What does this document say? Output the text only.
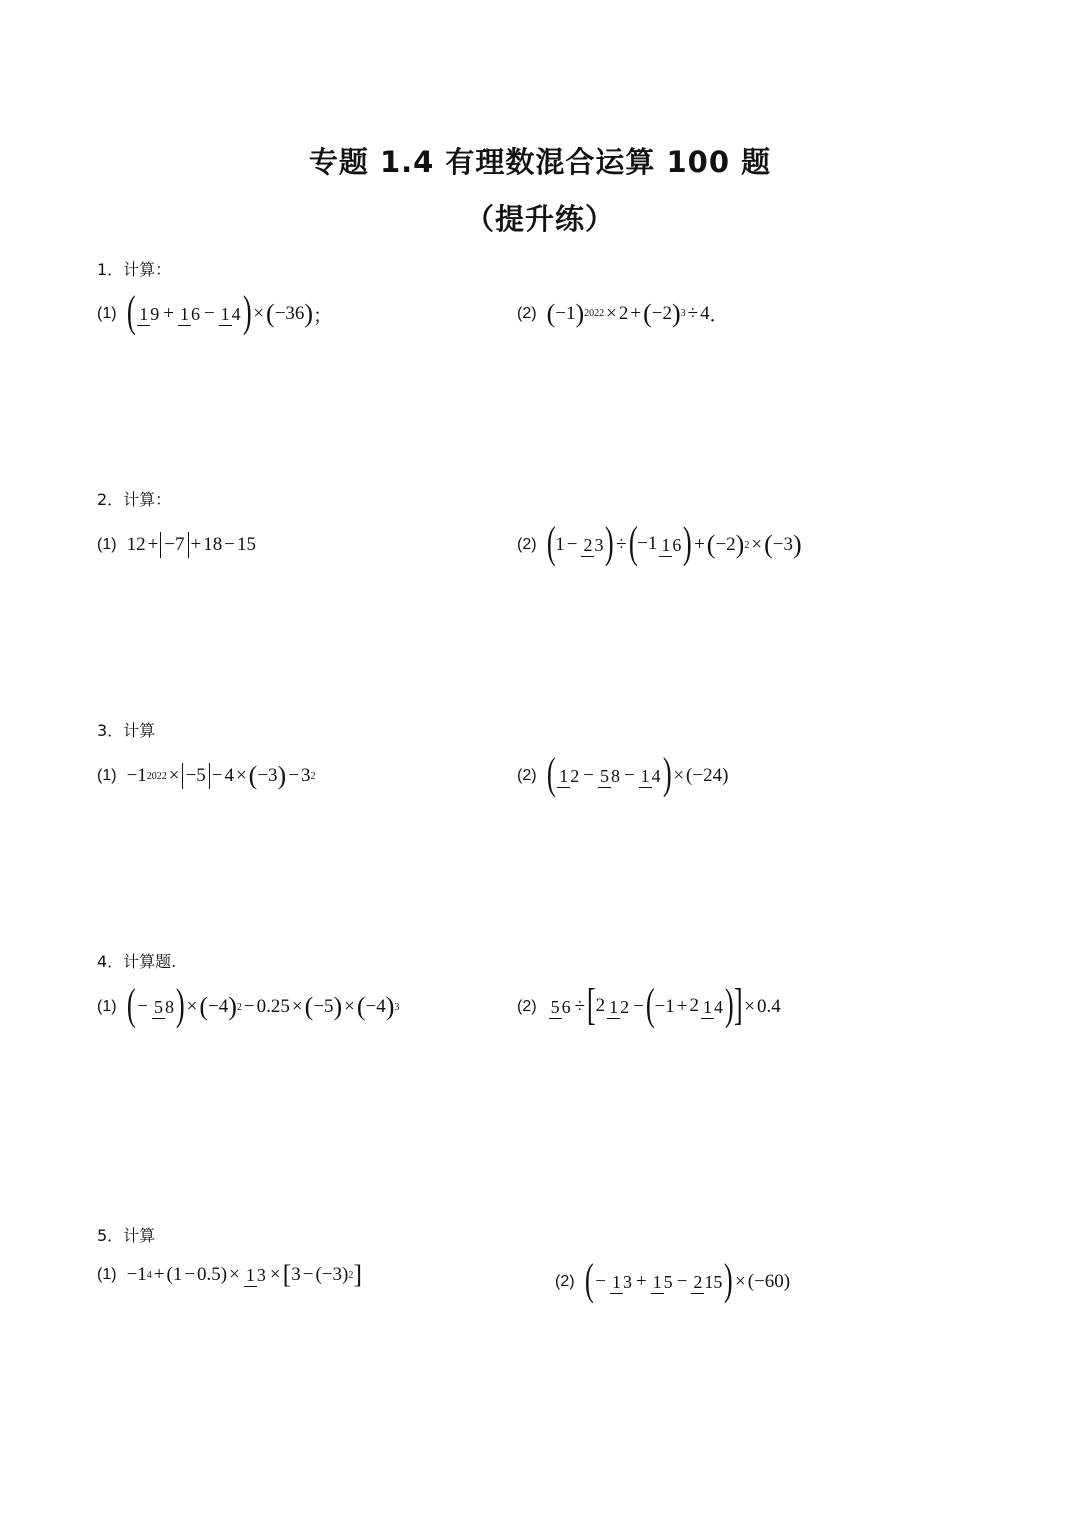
专题 1.4 有理数混合运算 100 题
（提升练）
1．计算：
(1) ( 1 9 + 1 6 − 1 4 ) × ( −36 ) ；	(2) ( −1 ) 2022 × 2 + ( −2 ) 3 ÷ 4 ．
2．计算：
(1) 12 + −7 + 18 − 15	(2) ( 1 − 2 3 ) ÷ ( −1 1 6 ) + ( −2 ) 2 × ( −3 )
3．计算
(1) −1 2022 × −5 − 4 × ( −3 ) − 3 2	(2) ( 1 2 − 5 8 − 1 4 ) × ( −24 )
4．计算题.
(1) ( − 5 8 ) × ( −4 ) 2 − 0.25 × ( −5 ) × ( −4 ) 3	(2) 5 6 ÷ [ 2 1 2 − ( −1 + 2 1 4 ) ] × 0.4
5．计算
(1) −1 4 + ( 1 − 0.5 ) × 1 3 × [ 3 − ( −3 ) 2 ]	(2) ( − 1 3 + 1 5 − 2 15 ) × ( −60 )
